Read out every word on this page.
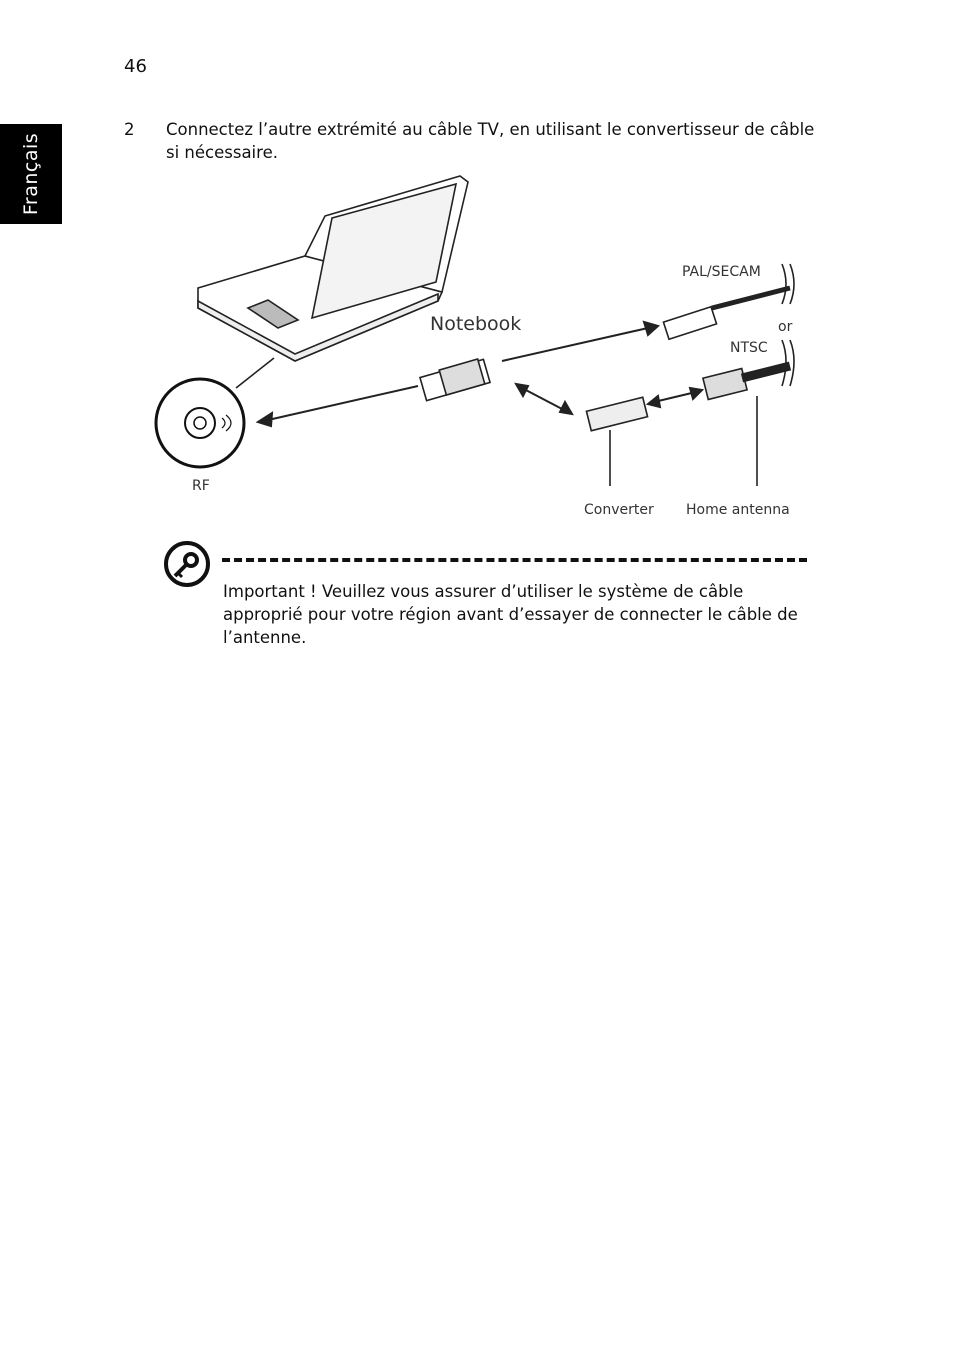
46
Français
2 Connectez l’autre extrémité au câble TV, en utilisant le convertisseur de câble si nécessaire.
Notebook
PAL/SECAM
or
NTSC
RF
Converter Home antenna
Important ! Veuillez vous assurer d’utiliser le système de câble approprié pour votre région avant d’essayer de connecter le câble de l’antenne.
